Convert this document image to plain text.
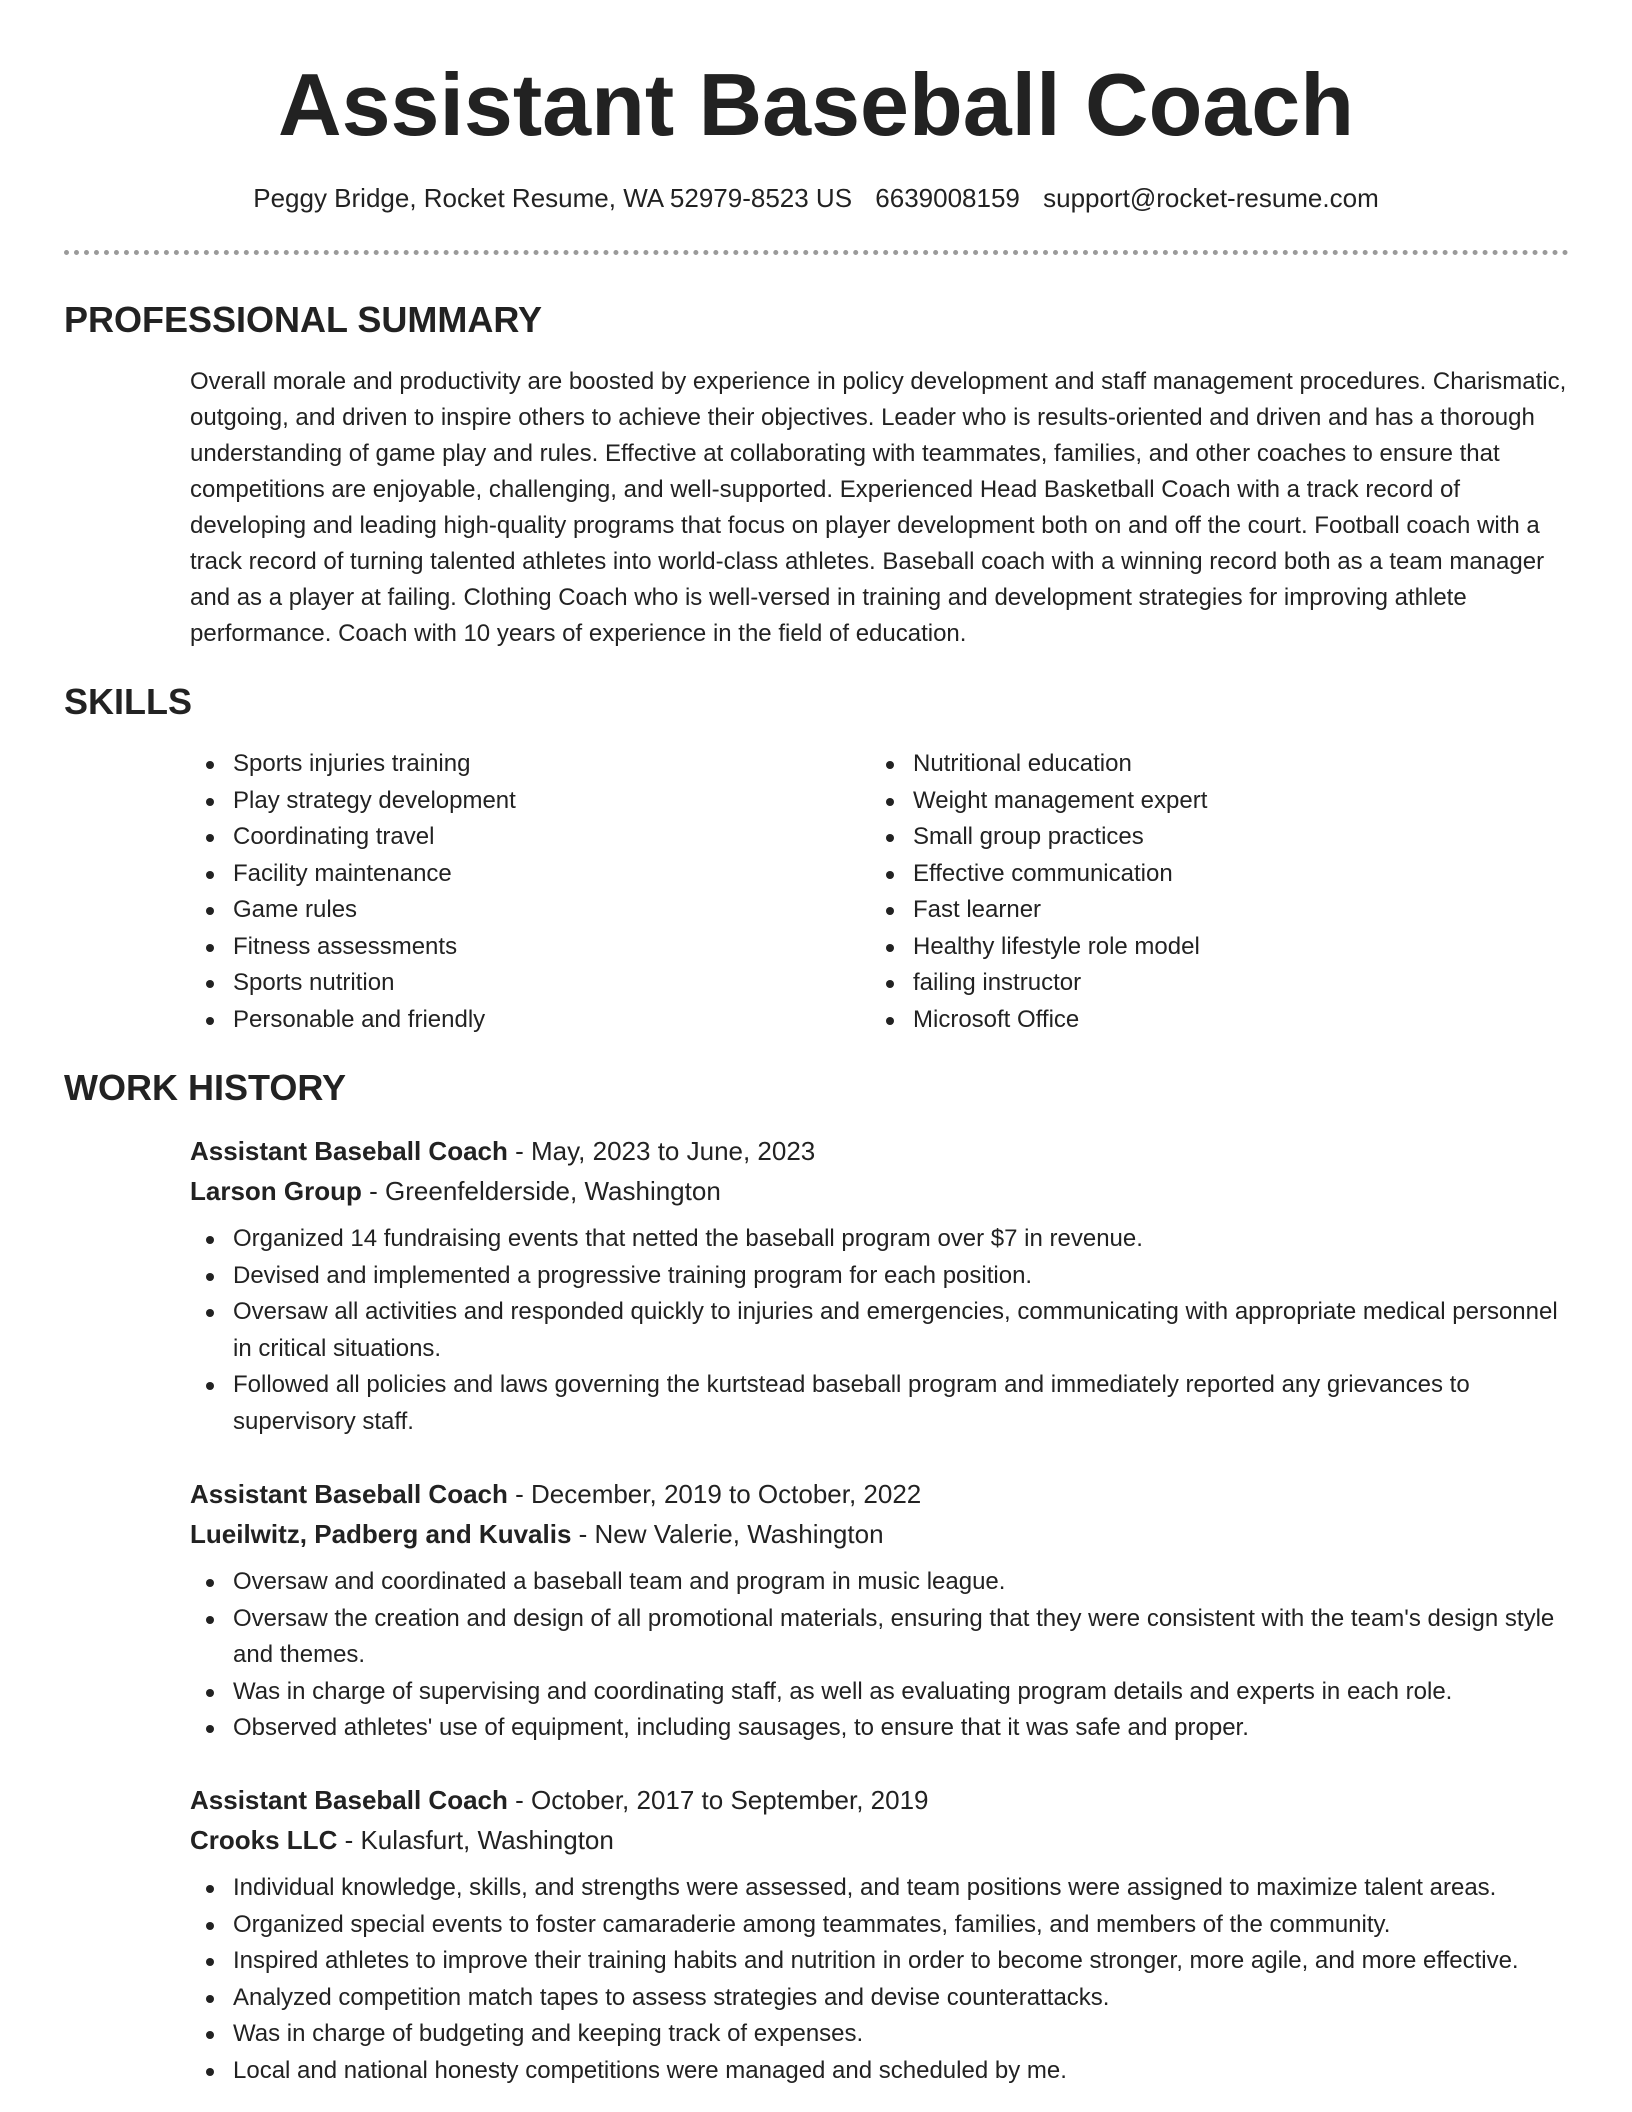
Assistant Baseball Coach
Peggy Bridge, Rocket Resume, WA 52979-8523 US 6639008159 support@rocket-resume.com
PROFESSIONAL SUMMARY

Overall morale and productivity are boosted by experience in policy development and staff management procedures. Charismatic, outgoing, and driven to inspire others to achieve their objectives. Leader who is results-oriented and driven and has a thorough understanding of game play and rules. Effective at collaborating with teammates, families, and other coaches to ensure that competitions are enjoyable, challenging, and well-supported. Experienced Head Basketball Coach with a track record of developing and leading high-quality programs that focus on player development both on and off the court. Football coach with a track record of turning talented athletes into world-class athletes. Baseball coach with a winning record both as a team manager and as a player at failing. Clothing Coach who is well-versed in training and development strategies for improving athlete performance. Coach with 10 years of experience in the field of education.

SKILLS
Sports injuries training
Play strategy development
Coordinating travel
Facility maintenance
Game rules
Fitness assessments
Sports nutrition
Personable and friendly
Nutritional education
Weight management expert
Small group practices
Effective communication
Fast learner
Healthy lifestyle role model
failing instructor
Microsoft Office
WORK HISTORY

Assistant Baseball Coach - May, 2023 to June, 2023

Larson Group - Greenfelderside, Washington

Organized 14 fundraising events that netted the baseball program over $7 in revenue.
Devised and implemented a progressive training program for each position.
Oversaw all activities and responded quickly to injuries and emergencies, communicating with appropriate medical personnel in critical situations.
Followed all policies and laws governing the kurtstead baseball program and immediately reported any grievances to supervisory staff.

Assistant Baseball Coach - December, 2019 to October, 2022

Lueilwitz, Padberg and Kuvalis - New Valerie, Washington

Oversaw and coordinated a baseball team and program in music league.
Oversaw the creation and design of all promotional materials, ensuring that they were consistent with the team's design style and themes.
Was in charge of supervising and coordinating staff, as well as evaluating program details and experts in each role.
Observed athletes' use of equipment, including sausages, to ensure that it was safe and proper.

Assistant Baseball Coach - October, 2017 to September, 2019

Crooks LLC - Kulasfurt, Washington

Individual knowledge, skills, and strengths were assessed, and team positions were assigned to maximize talent areas.
Organized special events to foster camaraderie among teammates, families, and members of the community.
Inspired athletes to improve their training habits and nutrition in order to become stronger, more agile, and more effective.
Analyzed competition match tapes to assess strategies and devise counterattacks.
Was in charge of budgeting and keeping track of expenses.
Local and national honesty competitions were managed and scheduled by me.
